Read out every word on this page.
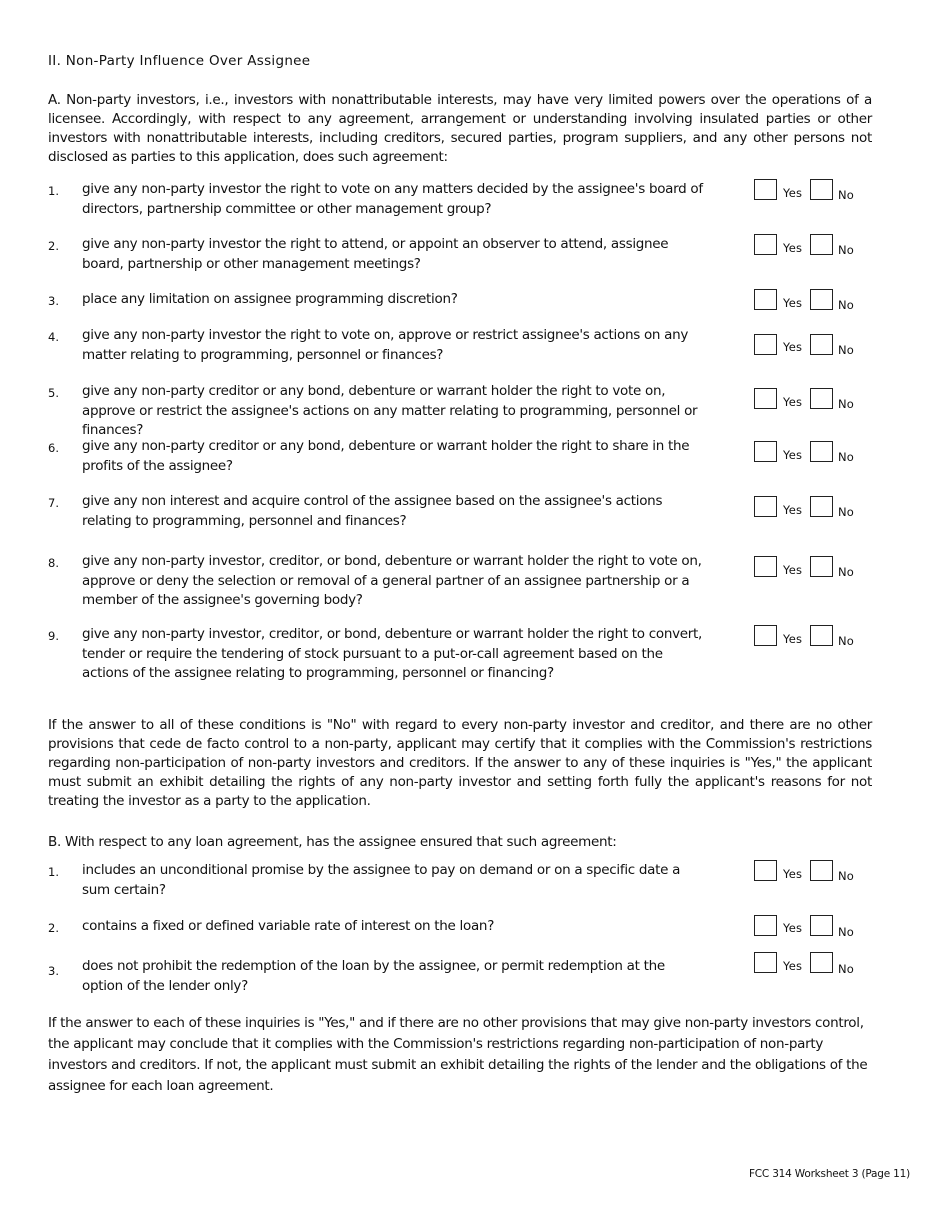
II. Non-Party Influence Over Assignee
A. Non-party investors, i.e., investors with nonattributable interests, may have very limited powers over the operations of a licensee. Accordingly, with respect to any agreement, arrangement or understanding involving insulated parties or other investors with nonattributable interests, including creditors, secured parties, program suppliers, and any other persons not disclosed as parties to this application, does such agreement:
1.	give any non-party investor the right to vote on any matters decided by the assignee's board of directors, partnership committee or other management group?
Yes	No
2.	give any non-party investor the right to attend, or appoint an observer to attend, assignee board, partnership or other management meetings?
Yes	No
3.	place any limitation on assignee programming discretion?	Yes	No
4.	give any non-party investor the right to vote on, approve or restrict assignee's actions on any matter relating to programming, personnel or finances?	Yes	No
5.	give any non-party creditor or any bond, debenture or warrant holder the right to vote on, approve or restrict the assignee's actions on any matter relating to programming, personnel or finances?
Yes	No
6.	give any non-party creditor or any bond, debenture or warrant holder the right to share in the profits of the assignee?
Yes	No
7.	give any non interest and acquire control of the assignee based on the assignee's actions relating to programming, personnel and finances?
Yes	No
8.	give any non-party investor, creditor, or bond, debenture or warrant holder the right to vote on, approve or deny the selection or removal of a general partner of an assignee partnership or a member of the assignee's governing body?
Yes	No
9.	give any non-party investor, creditor, or bond, debenture or warrant holder the right to convert, tender or require the tendering of stock pursuant to a put-or-call agreement based on the actions of the assignee relating to programming, personnel or financing?
Yes	No
If the answer to all of these conditions is "No" with regard to every non-party investor and creditor, and there are no other provisions that cede de facto control to a non-party, applicant may certify that it complies with the Commission's restrictions regarding non-participation of non-party investors and creditors. If the answer to any of these inquiries is "Yes," the applicant must submit an exhibit detailing the rights of any non-party investor and setting forth fully the applicant's reasons for not treating the investor as a party to the application.
B. With respect to any loan agreement, has the assignee ensured that such agreement:
1.	includes an unconditional promise by the assignee to pay on demand or on a specific date a sum certain?
Yes	No
2.	contains a fixed or defined variable rate of interest on the loan?	Yes	No
3.	does not prohibit the redemption of the loan by the assignee, or permit redemption at the option of the lender only?
Yes	No
If the answer to each of these inquiries is "Yes," and if there are no other provisions that may give non-party investors control, the applicant may conclude that it complies with the Commission's restrictions regarding non-participation of non-party investors and creditors. If not, the applicant must submit an exhibit detailing the rights of the lender and the obligations of the assignee for each loan agreement.
FCC 314 Worksheet 3 (Page 11)
